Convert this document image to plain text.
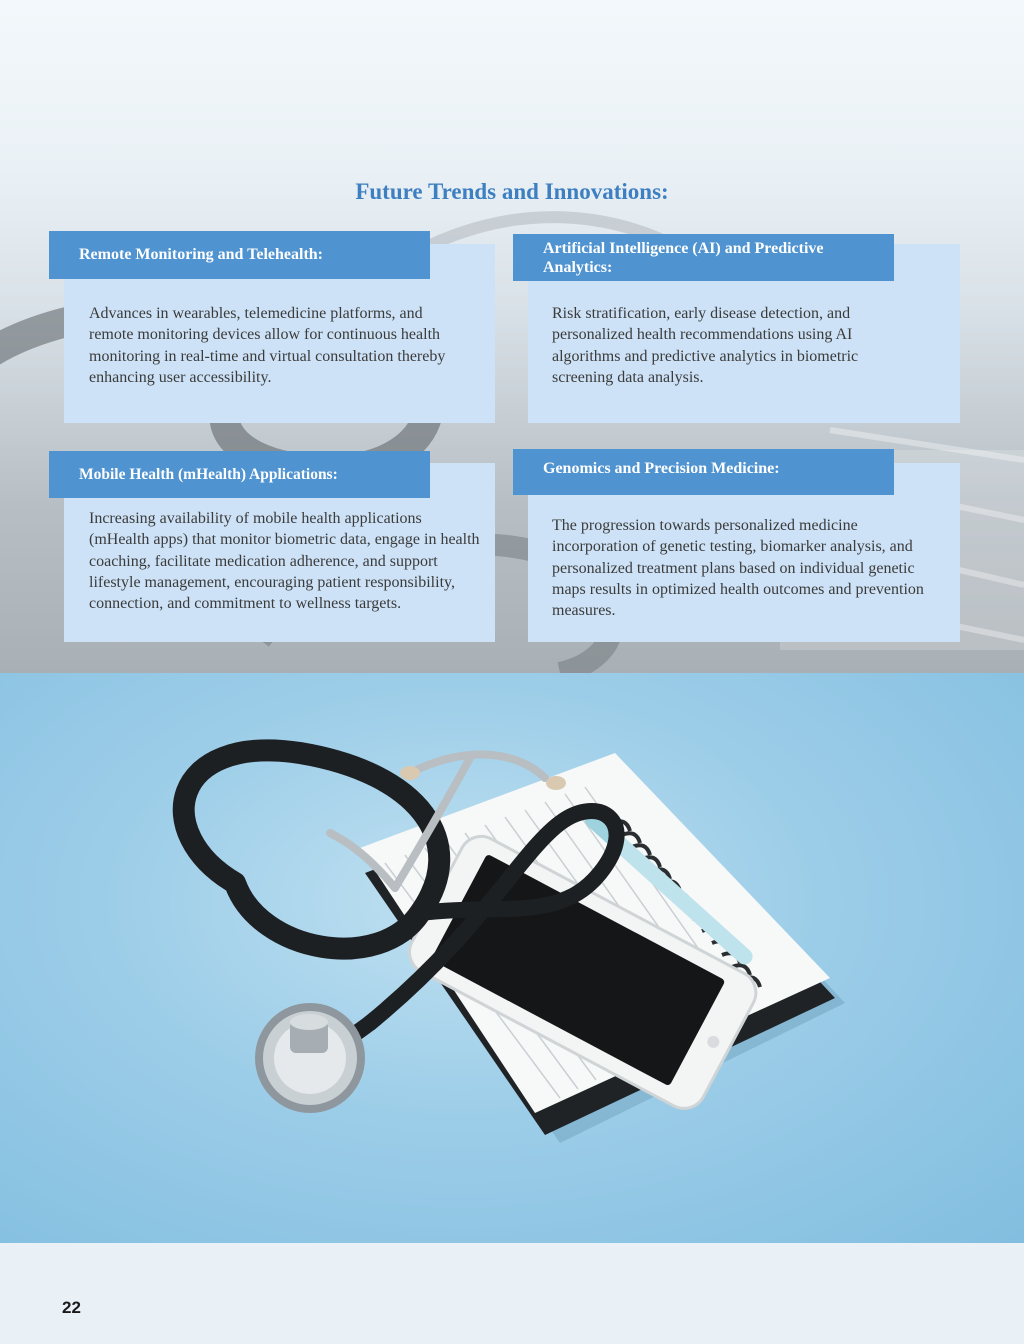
Future Trends and Innovations:
Advances in wearables, telemedicine platforms, and remote monitoring devices allow for continuous health monitoring in real-time and virtual consultation thereby enhancing user accessibility.
Remote Monitoring and Telehealth:
Risk stratification, early disease detection, and personalized health recommendations using AI algorithms and predictive analytics in biometric screening data analysis.
Artificial Intelligence (AI) and Predictive Analytics:
Increasing availability of mobile health applications (mHealth apps) that monitor biometric data, engage in health coaching, facilitate medication adherence, and support lifestyle management, encouraging patient responsibility, connection, and commitment to wellness targets.
Mobile Health (mHealth) Applications:
The progression towards personalized medicine incorporation of genetic testing, biomarker analysis, and personalized treatment plans based on individual genetic maps results in optimized health outcomes and prevention measures.
Genomics and Precision Medicine:
22
